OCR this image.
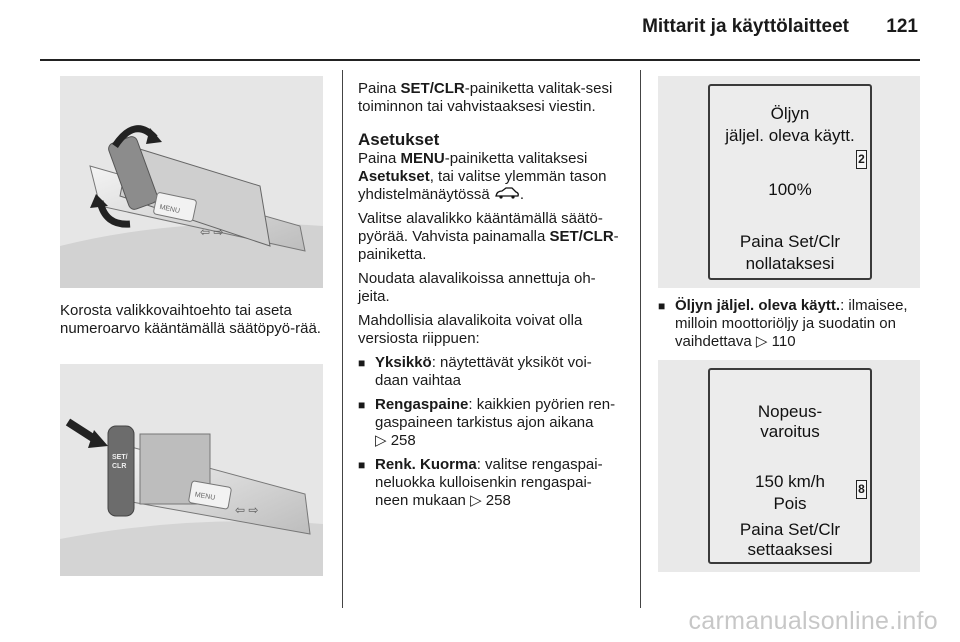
Mittarit ja käyttölaitteet 121
MENU
⇦ ⇨
Korosta valikkovaihtoehto tai aseta numeroarvo kääntämällä säätöpyö-rää.
SET/
CLR
MENU
⇦ ⇨

Paina SET/CLR-painiketta valitak-sesi toiminnon tai vahvistaaksesi viestin.

Asetukset

Paina MENU-painiketta valitaksesi Asetukset, tai valitse ylemmän tason yhdistelmänäytössä .

Valitse alavalikko kääntämällä säätö-pyörää. Vahvista painamalla SET/CLR-painiketta.

Noudata alavalikoissa annettuja oh-jeita.

Mahdollisia alavalikoita voivat olla versiosta riippuen:

■ Yksikkö: näytettävät yksiköt voi-daan vaihtaa
■ Rengaspaine: kaikkien pyörien ren-gaspaineen tarkistus ajon aikana
▷ 258
■ Renk. Kuorma: valitse rengaspai-neluokka kulloisenkin rengaspai-neen mukaan ▷ 258
Öljyn
jäljel. oleva käytt.
100%
Paina Set/Clr
nollataksesi
2
■ Öljyn jäljel. oleva käytt.: ilmaisee, milloin moottoriöljy ja suodatin on vaihdettava ▷ 110
Nopeus-
varoitus
150 km/h
Pois
Paina Set/Clr
settaaksesi
8
carmanualsonline.info
